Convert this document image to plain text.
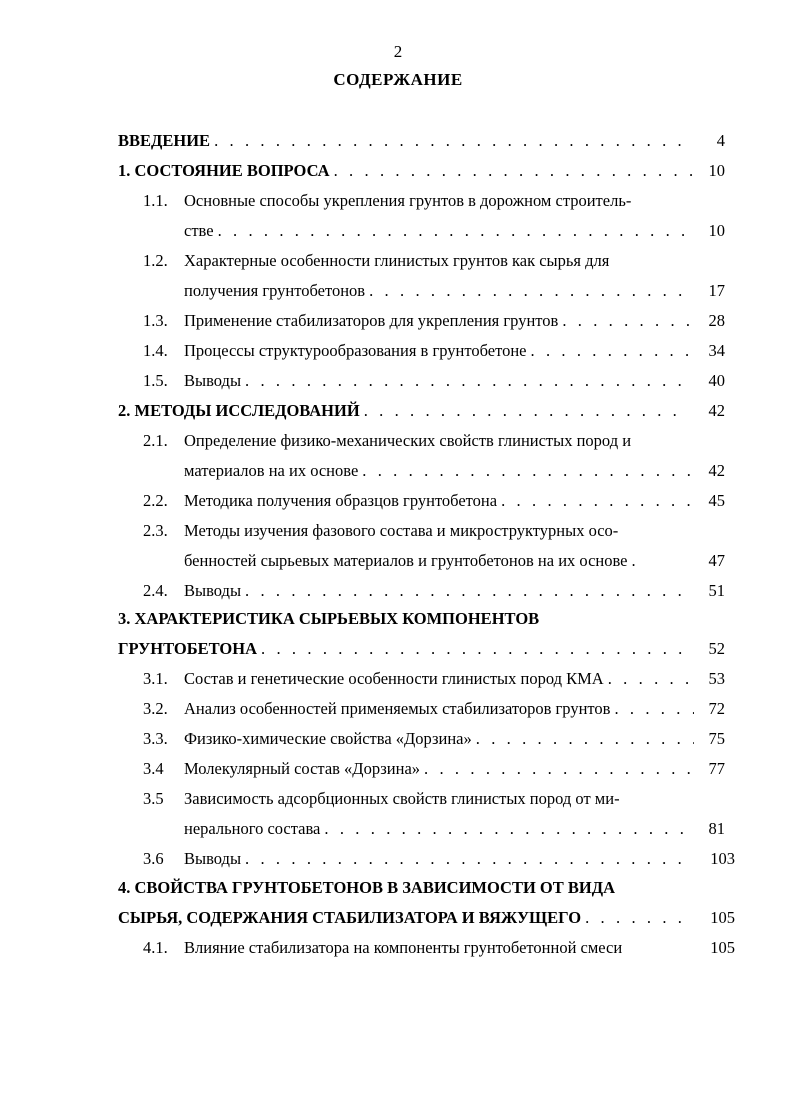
2
СОДЕРЖАНИЕ
ВВЕДЕНИЕ . . .	4
1. СОСТОЯНИЕ ВОПРОСА . . .	10
1.1. Основные способы укрепления грунтов в дорожном строитель-
стве . . .	10
1.2. Характерные особенности глинистых грунтов как сырья для
получения грунтобетонов . . .	17
1.3. Применение стабилизаторов для укрепления грунтов . . .	28
1.4. Процессы структурообразования в грунтобетоне . . .	34
1.5. Выводы . . .	40
2. МЕТОДЫ ИССЛЕДОВАНИЙ . . .	42
2.1. Определение физико-механических свойств глинистых пород и
материалов на их основе . . .	42
2.2. Методика получения образцов грунтобетона . . .	45
2.3. Методы изучения фазового состава и микроструктурных осо-
бенностей сырьевых материалов и грунтобетонов на их основе .	47
2.4. Выводы . . .	51
3. ХАРАКТЕРИСТИКА СЫРЬЕВЫХ КОМПОНЕНТОВ
ГРУНТОБЕТОНА . . .	52
3.1. Состав и генетические особенности глинистых пород КМА . . .	53
3.2. Анализ особенностей применяемых стабилизаторов грунтов . . .	72
3.3. Физико-химические свойства «Дорзина» . . .	75
3.4 Молекулярный состав «Дорзина» . . .	77
3.5 Зависимость адсорбционных свойств глинистых пород от ми-
нерального состава . . .	81
3.6 Выводы . . .	103
4. СВОЙСТВА ГРУНТОБЕТОНОВ В ЗАВИСИМОСТИ ОТ ВИДА
СЫРЬЯ, СОДЕРЖАНИЯ СТАБИЛИЗАТОРА И ВЯЖУЩЕГО . . .	105
4.1. Влияние стабилизатора на компоненты грунтобетонной смеси	105
